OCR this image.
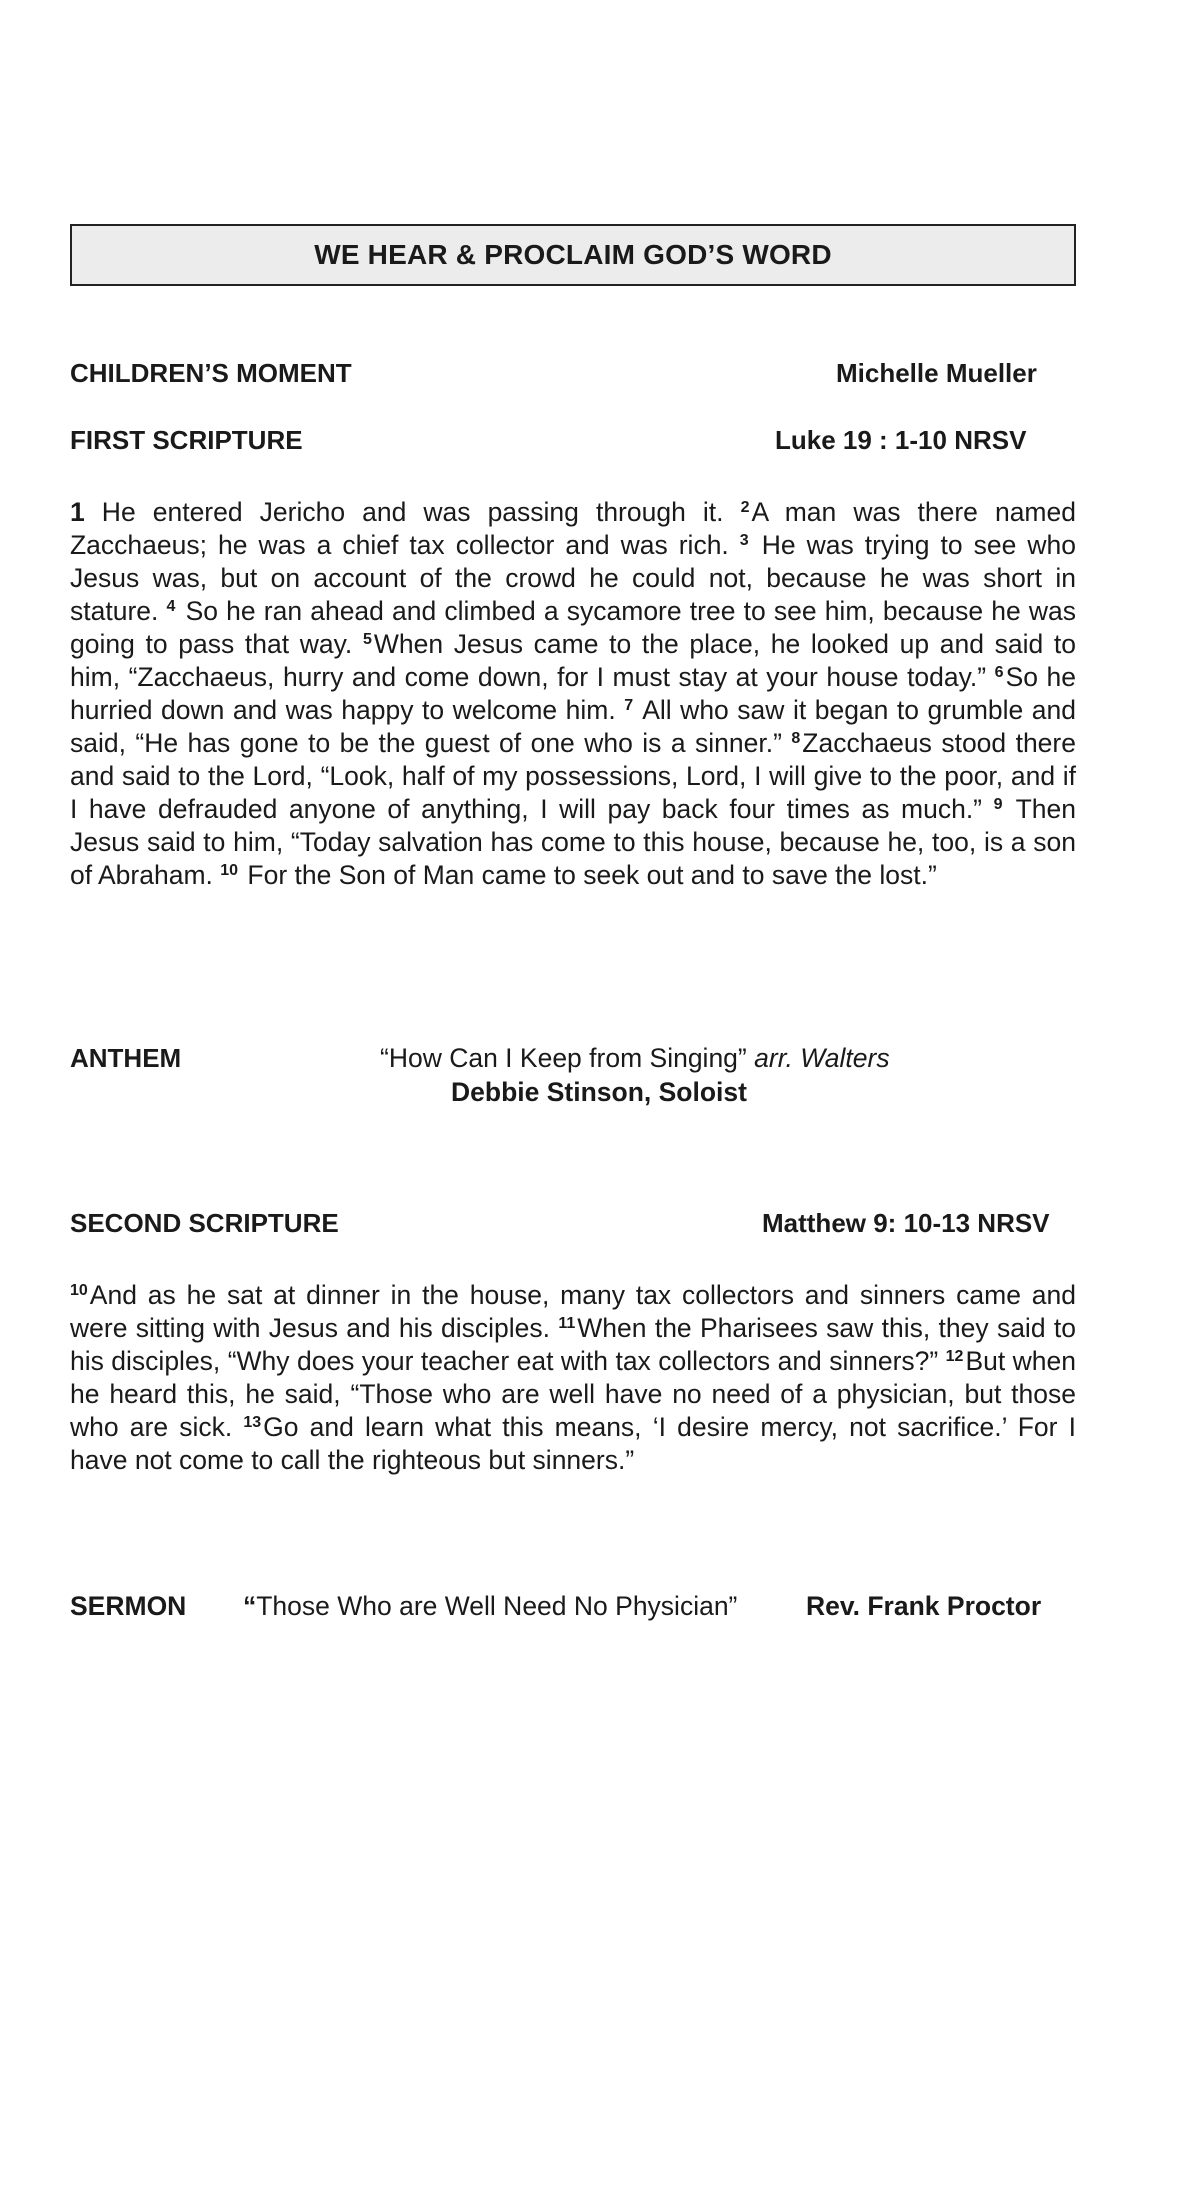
WE HEAR & PROCLAIM GOD’S WORD
CHILDREN’S MOMENT	Michelle Mueller
FIRST SCRIPTURE	Luke 19 : 1-10 NRSV
1 He entered Jericho and was passing through it. $^2$A man was there named Zacchaeus; he was a chief tax collector and was rich. $^3$ He was trying to see who Jesus was, but on account of the crowd he could not, because he was short in stature. $^4$ So he ran ahead and climbed a sycamore tree to see him, because he was going to pass that way. $^5$When Jesus came to the place, he looked up and said to him, “Zacchaeus, hurry and come down, for I must stay at your house today.” $^6$So he hurried down and was happy to welcome him. $^7$ All who saw it began to grumble and said, “He has gone to be the guest of one who is a sinner.” $^8$Zacchaeus stood there and said to the Lord, “Look, half of my possessions, Lord, I will give to the poor, and if I have defrauded anyone of anything, I will pay back four times as much.” $^9$ Then Jesus said to him, “Today salvation has come to this house, because he, too, is a son of Abraham. $^{10}$ For the Son of Man came to seek out and to save the lost.”
ANTHEM	“How Can I Keep from Singing” arr. Walters
Debbie Stinson, Soloist
SECOND SCRIPTURE	Matthew 9: 10-13 NRSV
$^{10}$And as he sat at dinner in the house, many tax collectors and sinners came and were sitting with Jesus and his disciples. $^{11}$When the Pharisees saw this, they said to his disciples, “Why does your teacher eat with tax collectors and sinners?” $^{12}$But when he heard this, he said, “Those who are well have no need of a physician, but those who are sick. $^{13}$Go and learn what this means, ‘I desire mercy, not sacrifice.’ For I have not come to call the righteous but sinners.”
SERMON “Those Who are Well Need No Physician”	Rev. Frank Proctor
